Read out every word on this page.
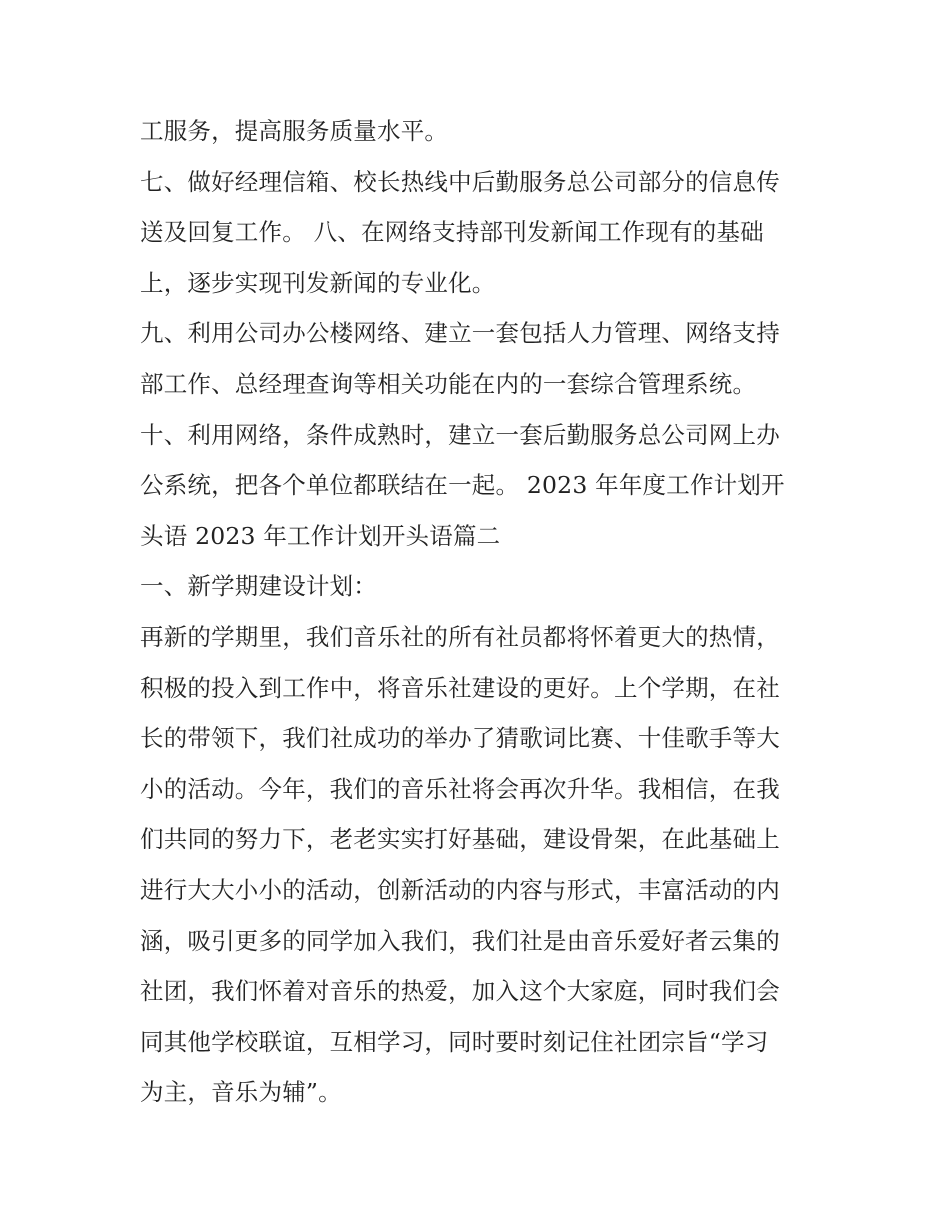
工服务，提高服务质量水平。
七、做好经理信箱、校长热线中后勤服务总公司部分的信息传
送及回复工作。 八、在网络支持部刊发新闻工作现有的基础
上，逐步实现刊发新闻的专业化。
九、利用公司办公楼网络、建立一套包括人力管理、网络支持
部工作、总经理查询等相关功能在内的一套综合管理系统。
十、利用网络，条件成熟时，建立一套后勤服务总公司网上办
公系统，把各个单位都联结在一起。 2023 年年度工作计划开
头语 2023 年工作计划开头语篇二
一、新学期建设计划：
再新的学期里，我们音乐社的所有社员都将怀着更大的热情，
积极的投入到工作中，将音乐社建设的更好。上个学期，在社
长的带领下，我们社成功的举办了猜歌词比赛、十佳歌手等大
小的活动。今年，我们的音乐社将会再次升华。我相信，在我
们共同的努力下，老老实实打好基础，建设骨架，在此基础上
进行大大小小的活动，创新活动的内容与形式，丰富活动的内
涵，吸引更多的同学加入我们，我们社是由音乐爱好者云集的
社团，我们怀着对音乐的热爱，加入这个大家庭，同时我们会
同其他学校联谊，互相学习，同时要时刻记住社团宗旨“学习
为主，音乐为辅”。
